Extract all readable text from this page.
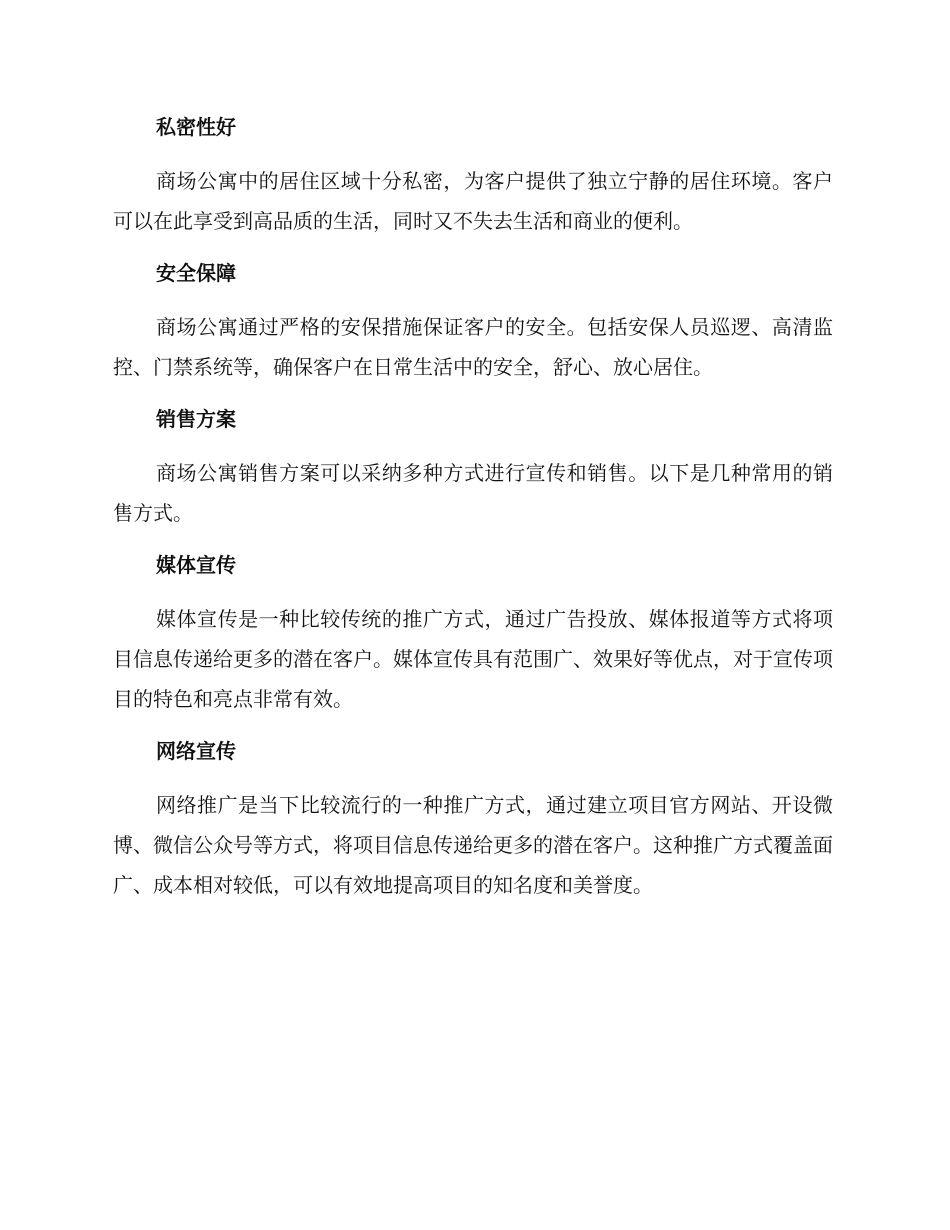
私密性好

商场公寓中的居住区域十分私密，为客户提供了独立宁静的居住环境。客户可以在此享受到高品质的生活，同时又不失去生活和商业的便利。

安全保障

商场公寓通过严格的安保措施保证客户的安全。包括安保人员巡逻、高清监控、门禁系统等，确保客户在日常生活中的安全，舒心、放心居住。

销售方案

商场公寓销售方案可以采纳多种方式进行宣传和销售。以下是几种常用的销售方式。

媒体宣传

媒体宣传是一种比较传统的推广方式，通过广告投放、媒体报道等方式将项目信息传递给更多的潜在客户。媒体宣传具有范围广、效果好等优点，对于宣传项目的特色和亮点非常有效。

网络宣传

网络推广是当下比较流行的一种推广方式，通过建立项目官方网站、开设微博、微信公众号等方式，将项目信息传递给更多的潜在客户。这种推广方式覆盖面广、成本相对较低，可以有效地提高项目的知名度和美誉度。
